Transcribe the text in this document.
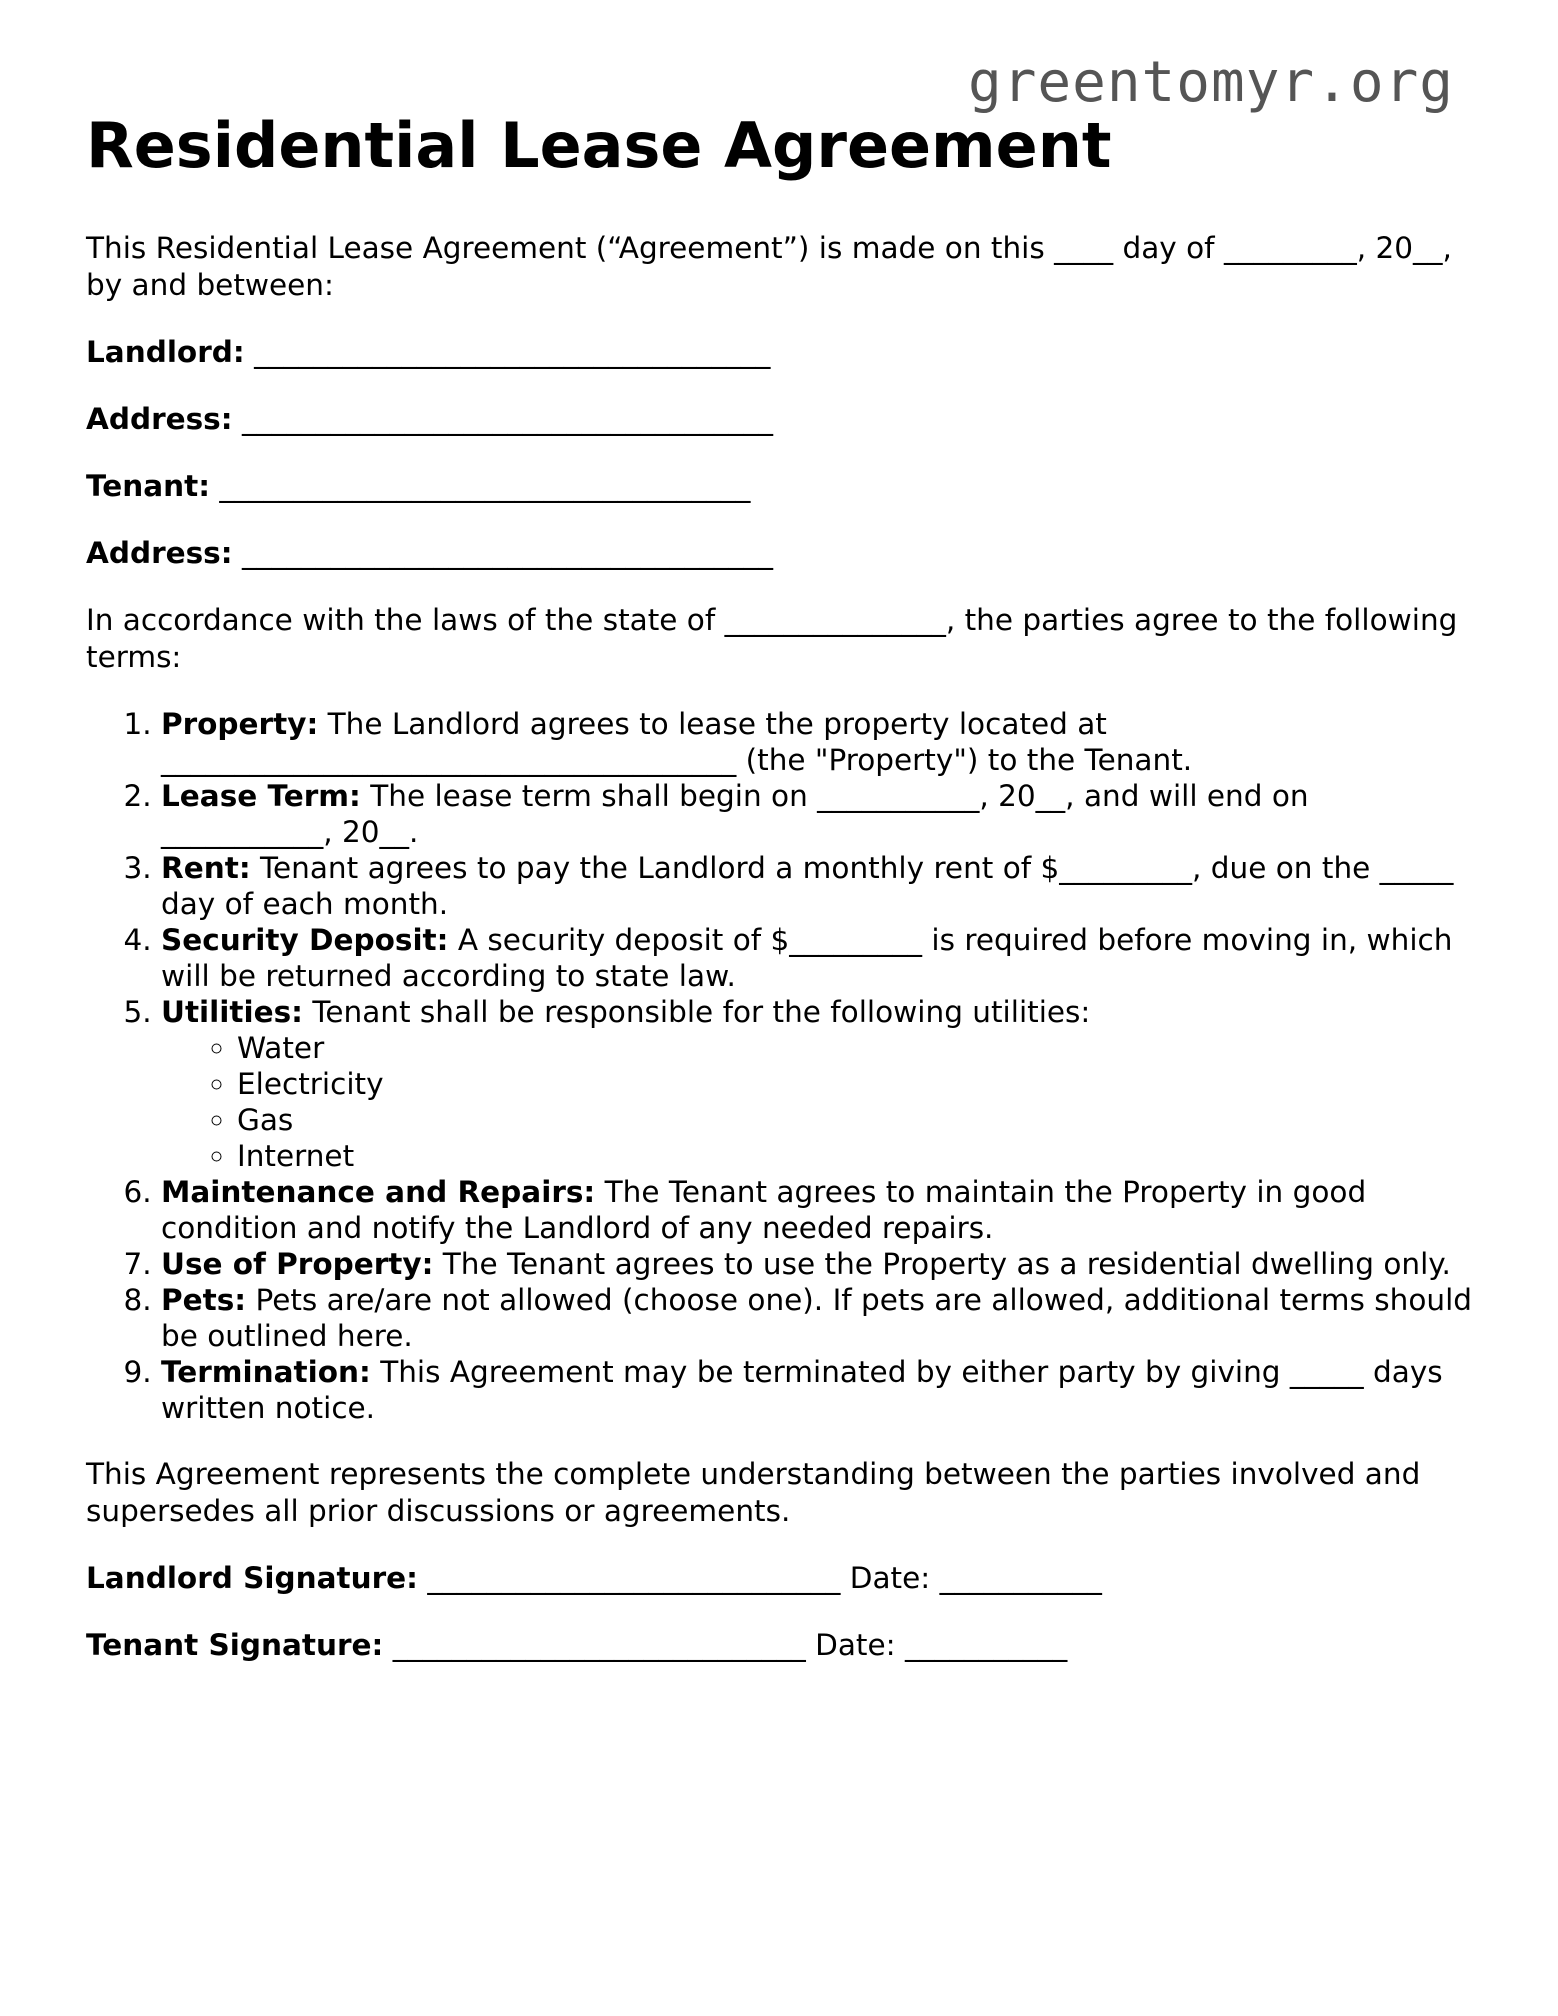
greentomyr.org
Residential Lease Agreement

This Residential Lease Agreement (“Agreement”) is made on this ____ day of _________, 20__, by and between:

Landlord: ___________________________________

Address: ____________________________________

Tenant: ____________________________________

Address: ____________________________________

In accordance with the laws of the state of _______________, the parties agree to the following terms:

1. Property: The Landlord agrees to lease the property located at _______________________________________ (the "Property") to the Tenant.
2. Lease Term: The lease term shall begin on ___________, 20__, and will end on ___________, 20__.
3. Rent: Tenant agrees to pay the Landlord a monthly rent of $_________, due on the _____ day of each month.
4. Security Deposit: A security deposit of $_________ is required before moving in, which will be returned according to state law.
5. Utilities: Tenant shall be responsible for the following utilities:
◦ Water
◦ Electricity
◦ Gas
◦ Internet
6. Maintenance and Repairs: The Tenant agrees to maintain the Property in good condition and notify the Landlord of any needed repairs.
7. Use of Property: The Tenant agrees to use the Property as a residential dwelling only.
8. Pets: Pets are/are not allowed (choose one). If pets are allowed, additional terms should be outlined here.
9. Termination: This Agreement may be terminated by either party by giving _____ days written notice.

This Agreement represents the complete understanding between the parties involved and supersedes all prior discussions or agreements.

Landlord Signature: ____________________________ Date: ___________

Tenant Signature: ____________________________ Date: ___________
